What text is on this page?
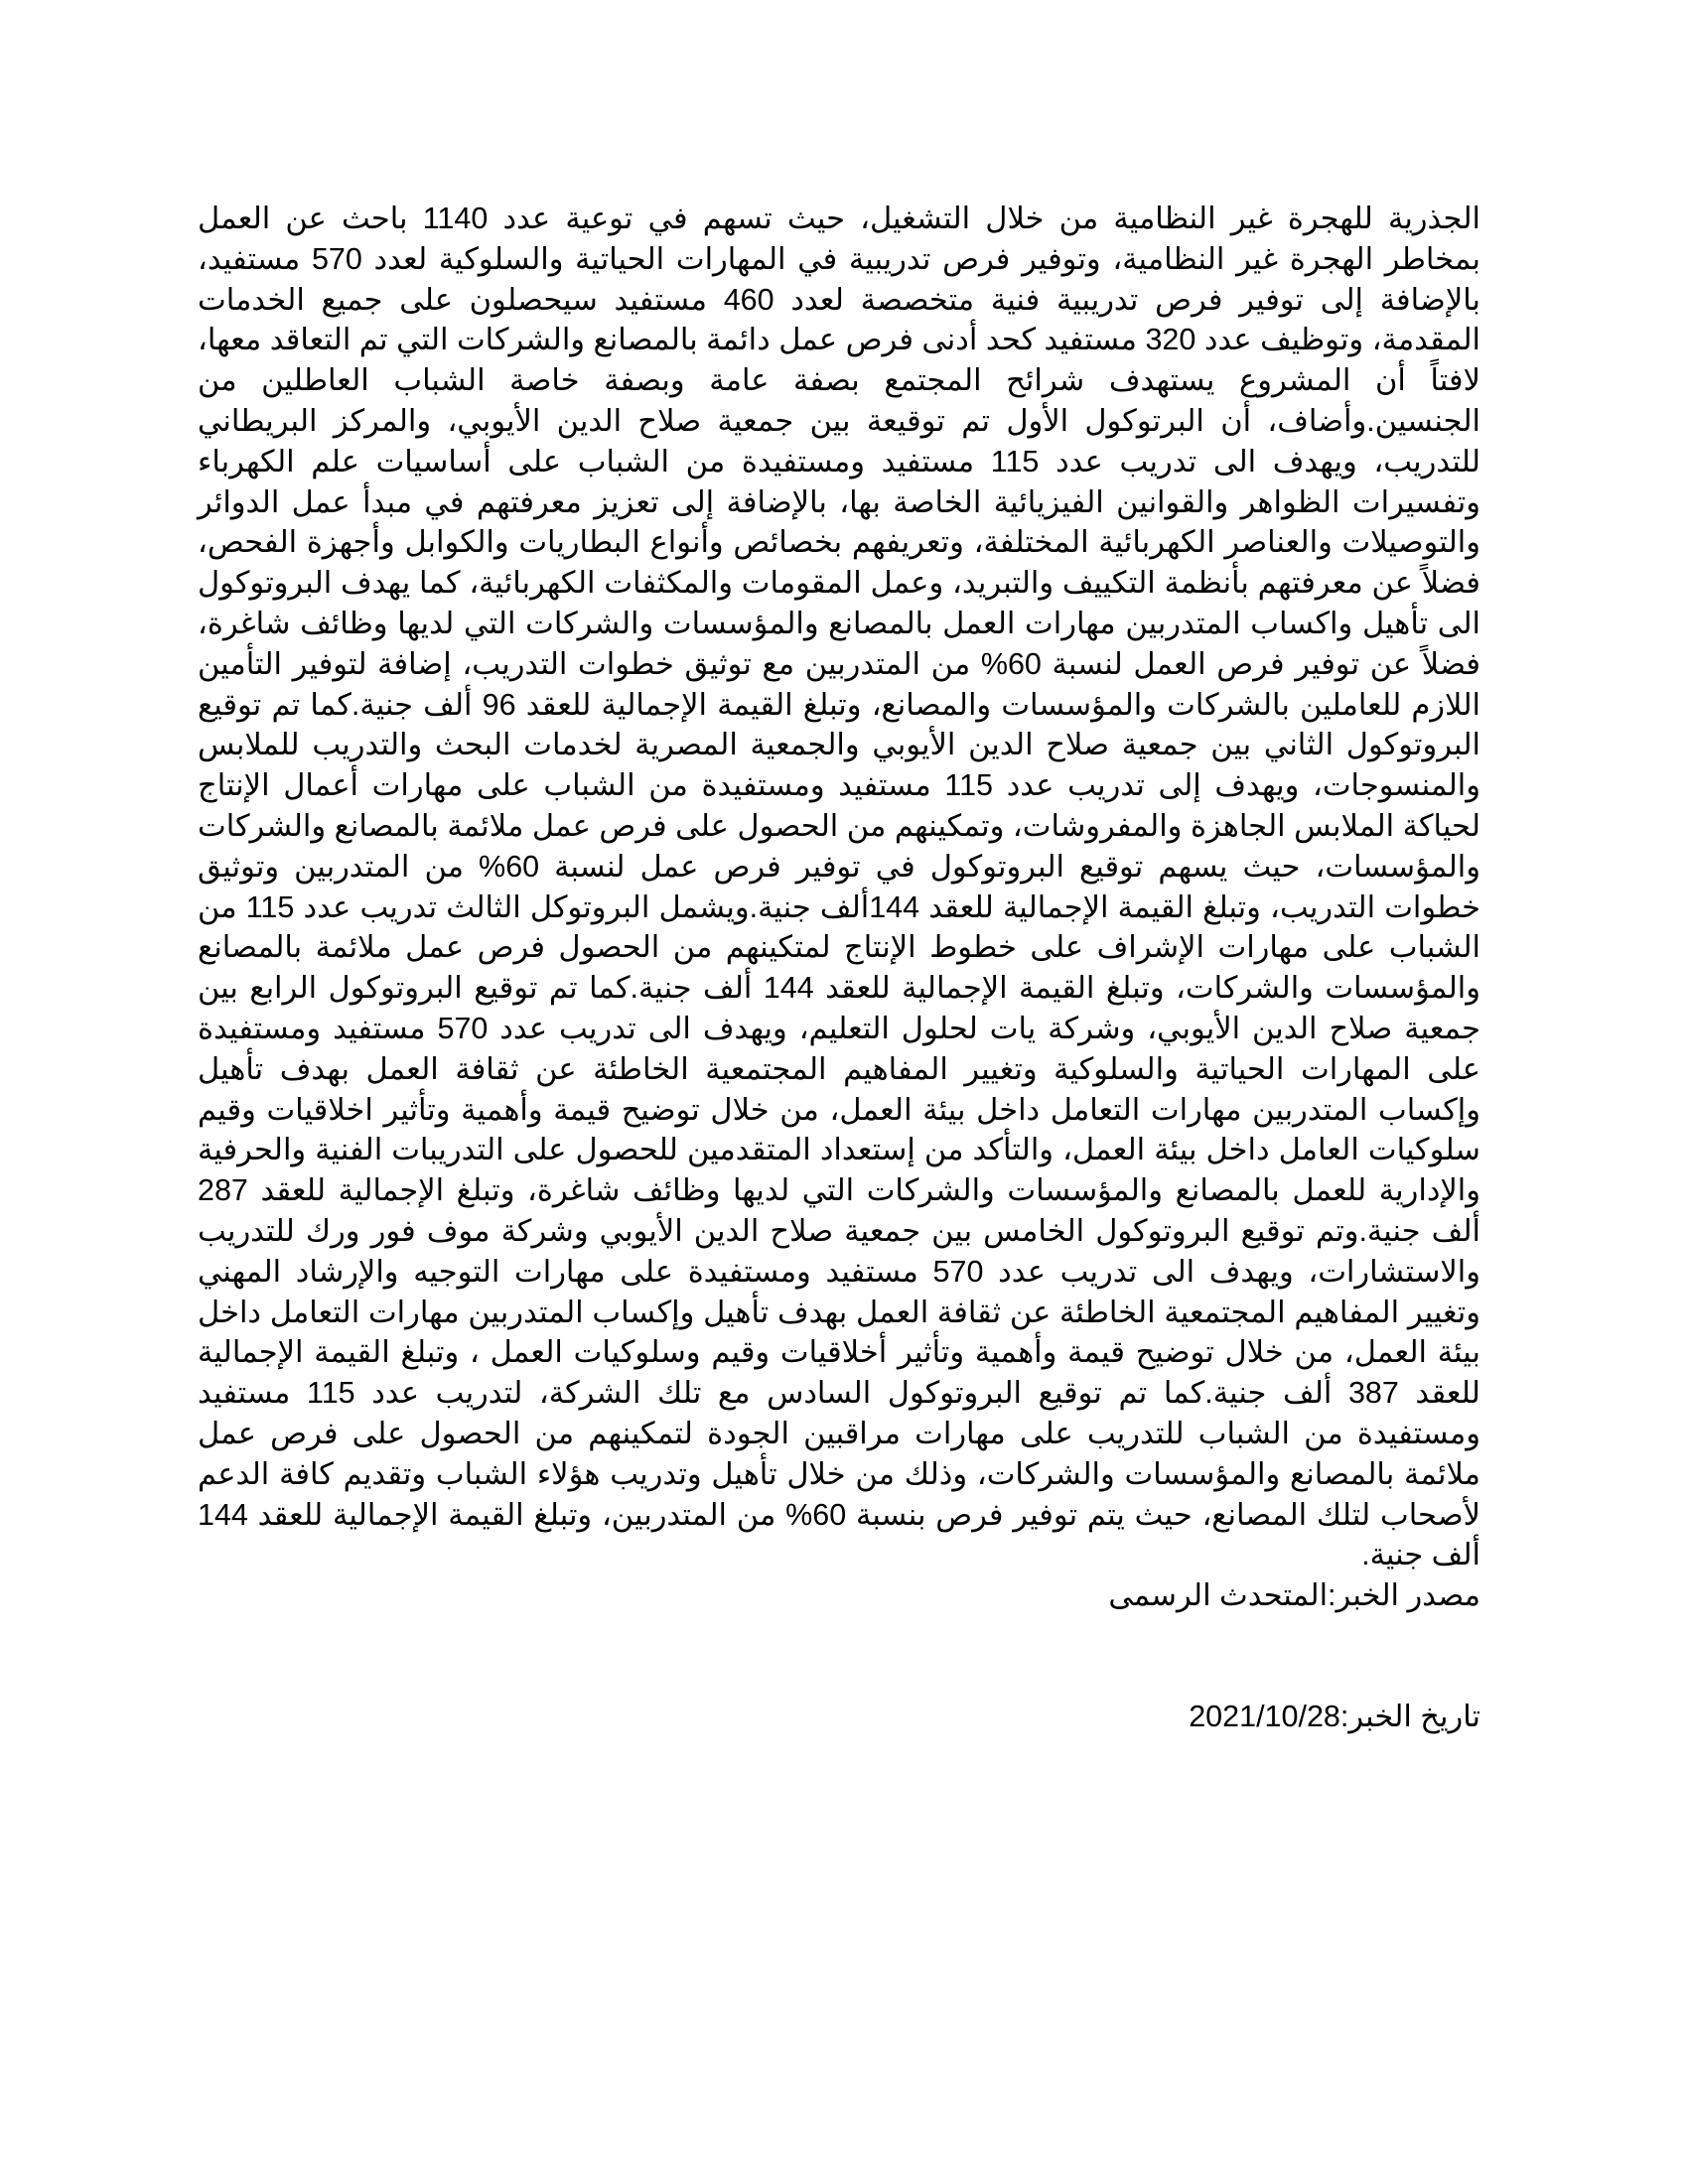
الجذرية للهجرة غير النظامية من خلال التشغيل، حيث تسهم في توعية عدد 1140 باحث عن العمل بمخاطر الهجرة غير النظامية، وتوفير فرص تدريبية في المهارات الحياتية والسلوكية لعدد 570 مستفيد، بالإضافة إلى توفير فرص تدريبية فنية متخصصة لعدد 460 مستفيد سيحصلون على جميع الخدمات المقدمة، وتوظيف عدد 320 مستفيد كحد أدنى فرص عمل دائمة بالمصانع والشركات التي تم التعاقد معها، لافتاً أن المشروع يستهدف شرائح المجتمع بصفة عامة وبصفة خاصة الشباب العاطلين من الجنسين.وأضاف، أن البرتوكول الأول تم توقيعة بين جمعية صلاح الدين الأيوبي، والمركز البريطاني للتدريب، ويهدف الى تدريب عدد 115 مستفيد ومستفيدة من الشباب على أساسيات علم الكهرباء وتفسيرات الظواهر والقوانين الفيزيائية الخاصة بها، بالإضافة إلى تعزيز معرفتهم في مبدأ عمل الدوائر والتوصيلات والعناصر الكهربائية المختلفة، وتعريفهم بخصائص وأنواع البطاريات والكوابل وأجهزة الفحص، فضلاً عن معرفتهم بأنظمة التكييف والتبريد، وعمل المقومات والمكثفات الكهربائية، كما يهدف البروتوكول الى تأهيل واكساب المتدربين مهارات العمل بالمصانع والمؤسسات والشركات التي لديها وظائف شاغرة، فضلاً عن توفير فرص العمل لنسبة 60% من المتدربين مع توثيق خطوات التدريب، إضافة لتوفير التأمين اللازم للعاملين بالشركات والمؤسسات والمصانع، وتبلغ القيمة الإجمالية للعقد 96 ألف جنية.كما تم توقيع البروتوكول الثاني بين جمعية صلاح الدين الأيوبي والجمعية المصرية لخدمات البحث والتدريب للملابس والمنسوجات، ويهدف إلى تدريب عدد 115 مستفيد ومستفيدة من الشباب على مهارات أعمال الإنتاج لحياكة الملابس الجاهزة والمفروشات، وتمكينهم من الحصول على فرص عمل ملائمة بالمصانع والشركات والمؤسسات، حيث يسهم توقيع البروتوكول في توفير فرص عمل لنسبة 60% من المتدربين وتوثيق خطوات التدريب، وتبلغ القيمة الإجمالية للعقد 144ألف جنية.ويشمل البروتوكل الثالث تدريب عدد 115 من الشباب على مهارات الإشراف على خطوط الإنتاج لمتكينهم من الحصول فرص عمل ملائمة بالمصانع والمؤسسات والشركات، وتبلغ القيمة الإجمالية للعقد 144 ألف جنية.كما تم توقيع البروتوكول الرابع بين جمعية صلاح الدين الأيوبي، وشركة يات لحلول التعليم، ويهدف الى تدريب عدد 570 مستفيد ومستفيدة على المهارات الحياتية والسلوكية وتغيير المفاهيم المجتمعية الخاطئة عن ثقافة العمل بهدف تأهيل وإكساب المتدربين مهارات التعامل داخل بيئة العمل، من خلال توضيح قيمة وأهمية وتأثير اخلاقيات وقيم سلوكيات العامل داخل بيئة العمل، والتأكد من إستعداد المتقدمين للحصول على التدريبات الفنية والحرفية والإدارية للعمل بالمصانع والمؤسسات والشركات التي لديها وظائف شاغرة، وتبلغ الإجمالية للعقد 287 ألف جنية.وتم توقيع البروتوكول الخامس بين جمعية صلاح الدين الأيوبي وشركة موف فور ورك للتدريب والاستشارات، ويهدف الى تدريب عدد 570 مستفيد ومستفيدة على مهارات التوجيه والإرشاد المهني وتغيير المفاهيم المجتمعية الخاطئة عن ثقافة العمل بهدف تأهيل وإكساب المتدربين مهارات التعامل داخل بيئة العمل، من خلال توضيح قيمة وأهمية وتأثير أخلاقيات وقيم وسلوكيات العمل ، وتبلغ القيمة الإجمالية للعقد 387 ألف جنية.كما تم توقيع البروتوكول السادس مع تلك الشركة، لتدريب عدد 115 مستفيد ومستفيدة من الشباب للتدريب على مهارات مراقبين الجودة لتمكينهم من الحصول على فرص عمل ملائمة بالمصانع والمؤسسات والشركات، وذلك من خلال تأهيل وتدريب هؤلاء الشباب وتقديم كافة الدعم لأصحاب لتلك المصانع، حيث يتم توفير فرص بنسبة 60% من المتدربين، وتبلغ القيمة الإجمالية للعقد 144 ألف جنية.

مصدر الخبر:المتحدث الرسمى

تاريخ الخبر:2021/10/28
